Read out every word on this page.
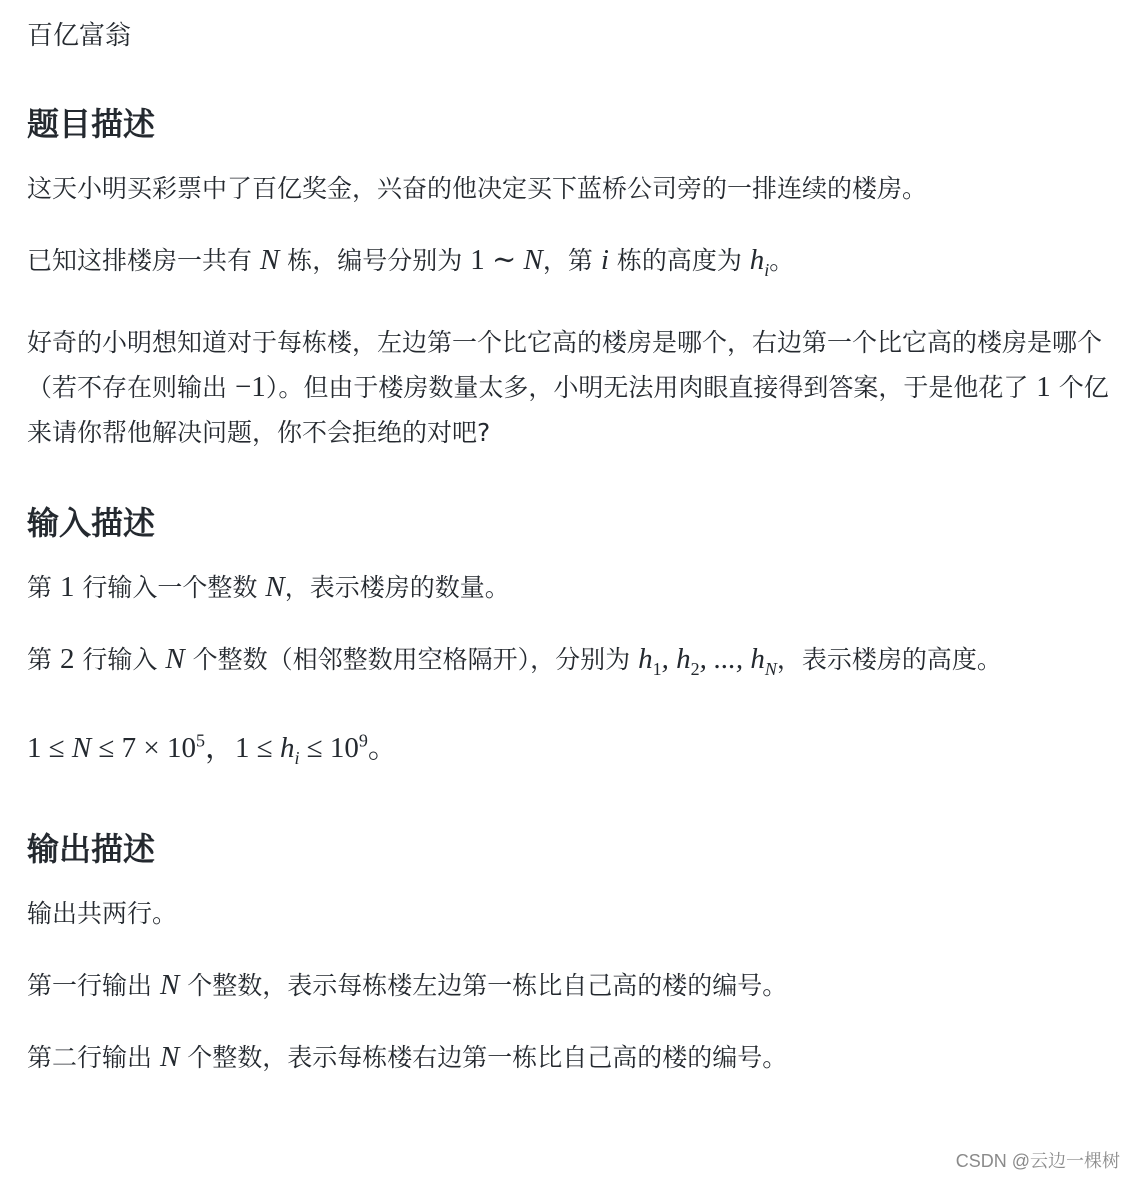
百亿富翁
题目描述

这天小明买彩票中了百亿奖金，兴奋的他决定买下蓝桥公司旁的一排连续的楼房。

已知这排楼房一共有 N 栋，编号分别为 1 ∼ N，第 i 栋的高度为 $h_i$。

好奇的小明想知道对于每栋楼，左边第一个比它高的楼房是哪个，右边第一个比它高的楼房是哪个（若不存在则输出 −1）。但由于楼房数量太多，小明无法用肉眼直接得到答案，于是他花了 1 个亿来请你帮他解决问题，你不会拒绝的对吧?

输入描述

第 1 行输入一个整数 N，表示楼房的数量。

第 2 行输入 N 个整数（相邻整数用空格隔开），分别为 $h_1$, $h_2$, ..., $h_N$，表示楼房的高度。

$1 \le N \le 7 \times 10^5$，$1 \le h_i \le 10^9$。

输出描述

输出共两行。

第一行输出 N 个整数，表示每栋楼左边第一栋比自己高的楼的编号。

第二行输出 N 个整数，表示每栋楼右边第一栋比自己高的楼的编号。

CSDN @云边一棵树
